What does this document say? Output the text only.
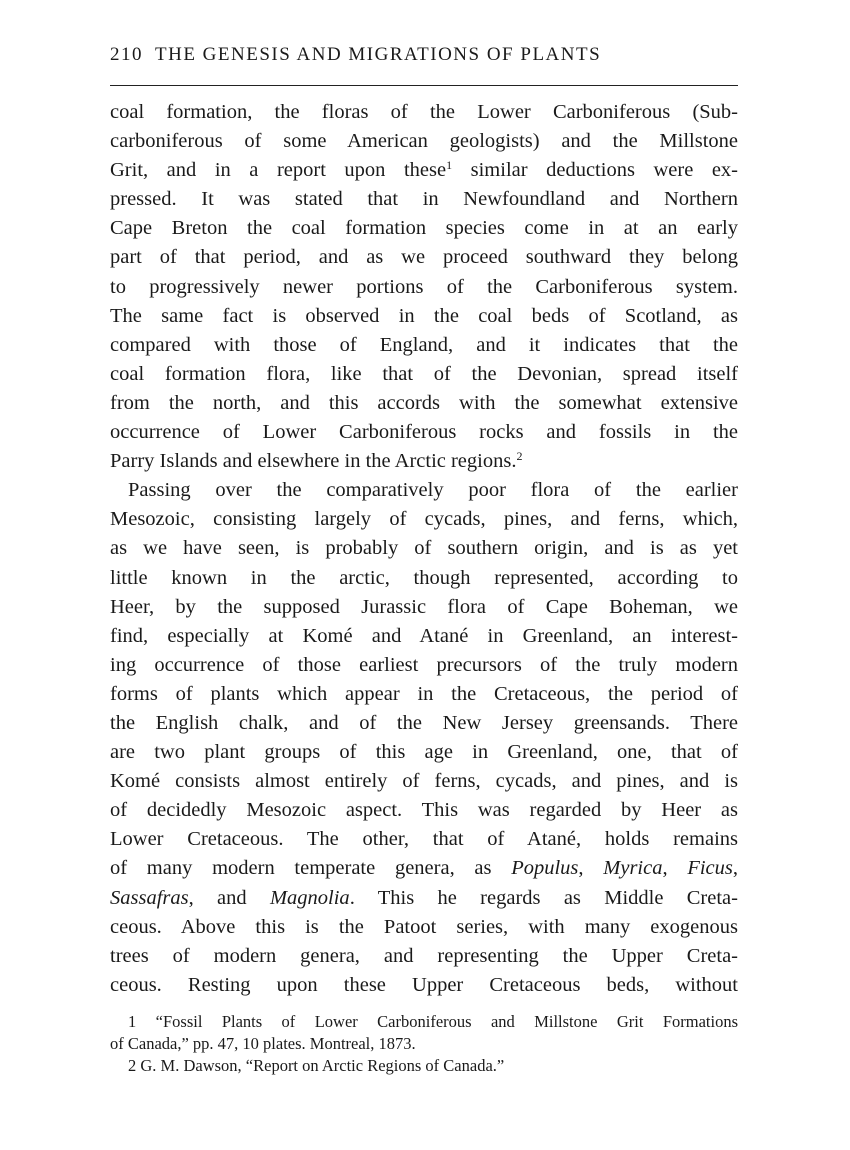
210 THE GENESIS AND MIGRATIONS OF PLANTS
coal formation, the floras of the Lower Carboniferous (Sub-
carboniferous of some American geologists) and the Millstone
Grit, and in a report upon these$^1$ similar deductions were ex-
pressed. It was stated that in Newfoundland and Northern
Cape Breton the coal formation species come in at an early
part of that period, and as we proceed southward they belong
to progressively newer portions of the Carboniferous system.
The same fact is observed in the coal beds of Scotland, as
compared with those of England, and it indicates that the
coal formation flora, like that of the Devonian, spread itself
from the north, and this accords with the somewhat extensive
occurrence of Lower Carboniferous rocks and fossils in the
Parry Islands and elsewhere in the Arctic regions.$^2$
Passing over the comparatively poor flora of the earlier
Mesozoic, consisting largely of cycads, pines, and ferns, which,
as we have seen, is probably of southern origin, and is as yet
little known in the arctic, though represented, according to
Heer, by the supposed Jurassic flora of Cape Boheman, we
find, especially at Komé and Atané in Greenland, an interest-
ing occurrence of those earliest precursors of the truly modern
forms of plants which appear in the Cretaceous, the period of
the English chalk, and of the New Jersey greensands. There
are two plant groups of this age in Greenland, one, that of
Komé consists almost entirely of ferns, cycads, and pines, and is
of decidedly Mesozoic aspect. This was regarded by Heer as
Lower Cretaceous. The other, that of Atané, holds remains
of many modern temperate genera, as Populus, Myrica, Ficus,
Sassafras, and Magnolia. This he regards as Middle Creta-
ceous. Above this is the Patoot series, with many exogenous
trees of modern genera, and representing the Upper Creta-
ceous. Resting upon these Upper Cretaceous beds, without
1 “Fossil Plants of Lower Carboniferous and Millstone Grit Formations
of Canada,” pp. 47, 10 plates. Montreal, 1873.
2 G. M. Dawson, “Report on Arctic Regions of Canada.”
